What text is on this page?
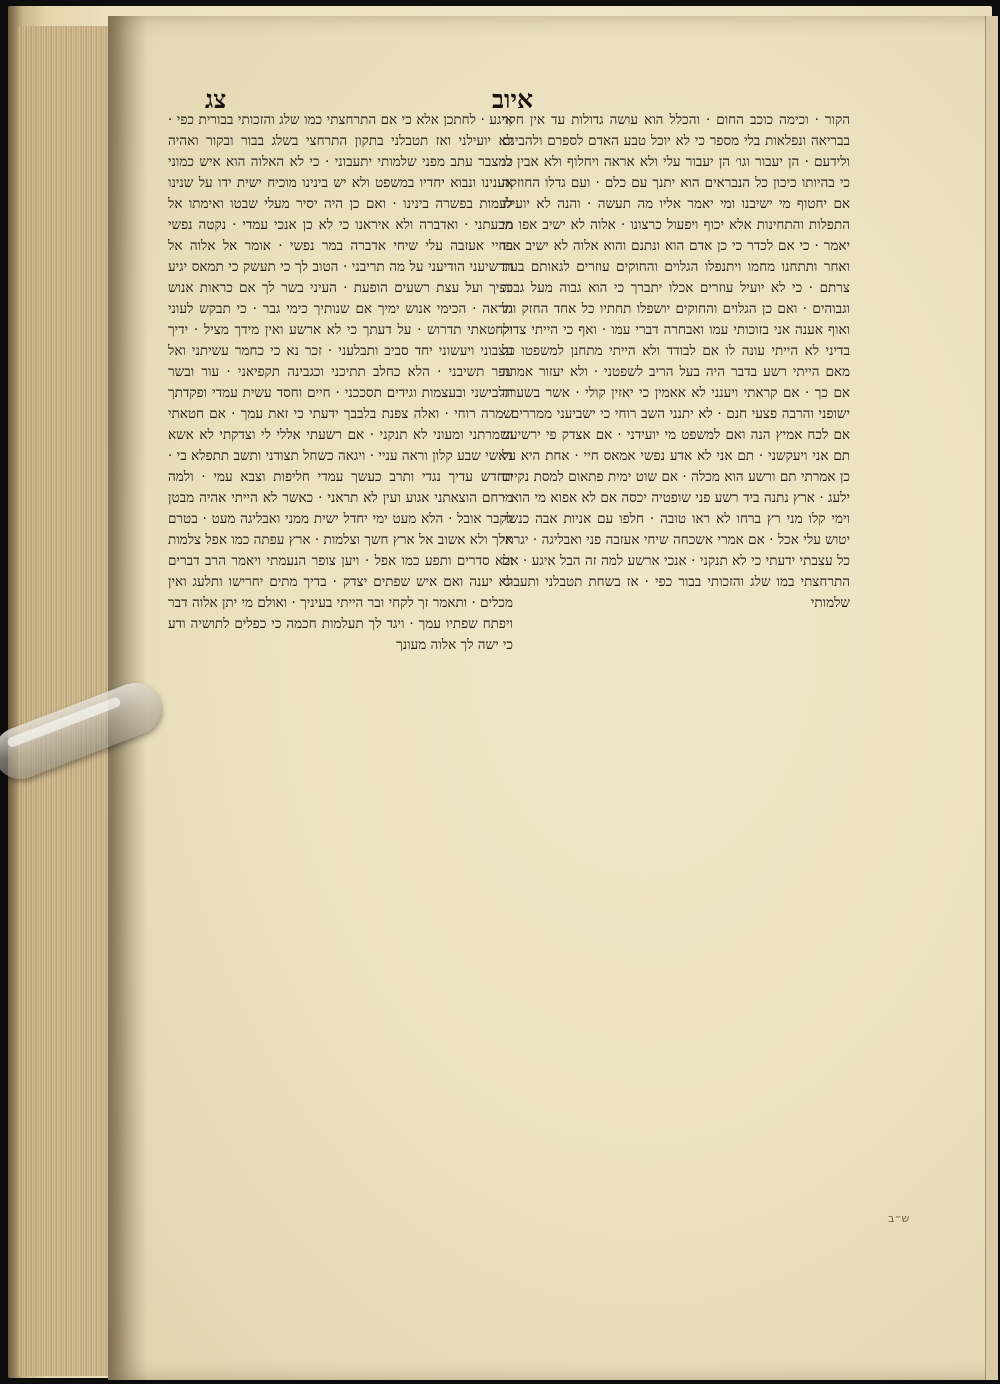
איוב
צג

הקור · וכימה כוכב החום · והכלל הוא עושה גדולות עד אין חקר בבריאה ונפלאות בלי מספר כי לא יוכל טבע האדם לספרם ולהבינם ולידעם · הן יעבור וגו׳ הן יעבור עלי ולא אראה ויחלוף ולא אבין לו כי בהיותו כיכון כל הנבראים הוא יתנך עם כלם · ועם גדלו החוזקה אם יחטוף מי ישיבנו ומי יאמר אליו מה תעשה · והנה לא יועילו התפלות והתחינות אלא יכוף ויפעול כרצונו · אלוה לא ישיב אפו מי יאמר · כי אם לכדר כי כן אדם הוא ונתנם והוא אלוה לא ישיב אפו ואחר ותתחנו מחמו ויתנפלו הגלוים והחוקים עוזרים לגאותם בעת צרתם · כי לא יועיל עוזרים אכלו יתברך כי הוא גבוה מעל גבוה וגבוהים · ואם כן הגלוים והחוקים יושפלו תחתיו כל אחד החזק וגל ואוף אענה אני בזוכותי עמו ואבחרה דברי עמו · ואף כי הייתי צדיק בדיני לא הייתי עונה לו אם לבודד ולא הייתי מתחנן למשפטו כל מאם הייתי רשע בדבר היה בעל הריב לשפטני · ולא יעזור אמרת אם כך · אם קראתי ויענני לא אאמין כי יאזין קולי · אשר בשערה ישופני והרבה פצעי חנם · לא יתנני השב רוחי כי ישביעני ממררים · אם לכח אמיץ הנה ואם למשפט מי יועידני · אם אצדק פי ירשיעני תם אני ויעקשני · תם אני לא אדע נפשי אמאס חיי · אחת היא על כן אמרתי תם ורשע הוא מכלה · אם שוט ימית פתאום למסת נקיים ילעג · ארץ נתנה ביד רשע פני שופטיה יכסה אם לא אפוא מי הוא · וימי קלו מני רץ ברחו לא ראו טובה · חלפו עם אניות אבה כנשר יטוש עלי אכל · אם אמרי אשכחה שיחי אעזבה פני ואבליגה · יגרתי כל עצבתי ידעתי כי לא תנקני · אנכי ארשע למה זה הבל איגע · אם התרחצתי במו שלג והזכותי בבור כפי · אז בשחת תטבלני ותעבוני שלמותי

איגע · לחתכן אלא כי אם התרחצתי כמו שלג והזכותי בבורית כפי · לא יועילני ואז תטבלני בתקון התרחצי בשלג בבור ובקור ואהיה כמצבר עתב מפני שלמותי יתעבוני · כי לא האלוה הוא איש כמוני אענינו ונבוא יחדיו במשפט ולא יש בינינו מוכיח ישית ידו על שנינו לעמות בפשרה בינינו · ואם כן היה יסיר מעלי שבטו ואימתו אל תבעתני · ואדברה ולא איראנו כי לא כן אנכי עמדי · נקטה נפשי בחיי אעזבה עלי שיחי אדברה במר נפשי · אומר אל אלוה אל תרשיעני הודיעני על מה תריבני · הטוב לך כי תעשק כי תמאס יגיע כפיך ועל עצת רשעים הופעת · העיני בשר לך אם כראות אנוש תראה · הכימי אנוש ימיך אם שנותיך כימי גבר · כי תבקש לעוני ולחטאתי תדרוש · על דעתך כי לא ארשע ואין מידך מציל · ידיך עצבוני ויעשוני יחד סביב ותבלעני · זכר נא כי כחמר עשיתני ואל עפר תשיבני · הלא כחלב תתיכני וכגבינה תקפיאני · עור ובשר תלבישני ובעצמות וגידים תסככני · חיים וחסד עשית עמדי ופקדתך שמרה רוחי · ואלה צפנת בלבבך ידעתי כי זאת עמך · אם חטאתי ושמרתני ומעוני לא תנקני · אם רשעתי אללי לי וצדקתי לא אשא ראשי שבע קלון וראה עניי · ויגאה כשחל תצודני ותשב תתפלא בי · תחדש עדיך נגדי ותרב כעשך עמדי חליפות וצבא עמי · ולמה מרחם הוצאתני אגוע ועין לא תראני · כאשר לא הייתי אהיה מבטן לקבר אובל · הלא מעט ימי יחדל ישית ממני ואבליגה מעט · בטרם אלך ולא אשוב אל ארץ חשך וצלמות · ארץ עפתה כמו אפל צלמות ולא סדרים ותפע כמו אפל · ויען צופר הנעמתי ויאמר הרב דברים לא יענה ואם איש שפתים יצדק · בדיך מתים יחרישו ותלעג ואין מכלים · ותאמר זך לקחי ובר הייתי בעיניך · ואולם מי יתן אלוה דבר ויפתח שפתיו עמך · ויגד לך תעלמות חכמה כי כפלים לתושיה ודע כי ישה לך אלוה מעונך

ש״ב
